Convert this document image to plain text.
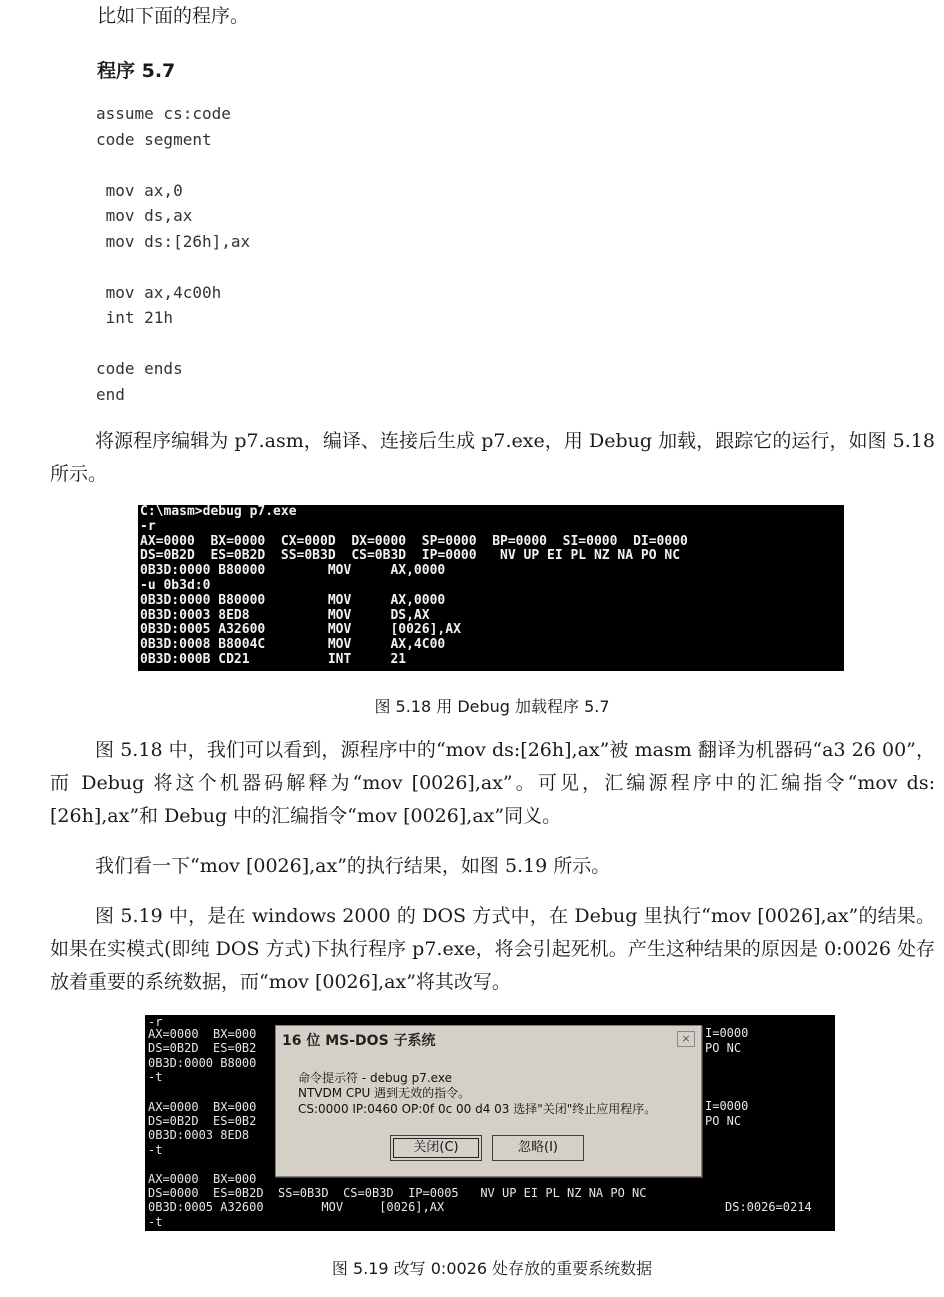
比如下面的程序。

程序 5.7
assume cs:code
code segment
mov ax,0
mov ds,ax
mov ds:[26h],ax
mov ax,4c00h
int 21h
code ends
end

将源程序编辑为 p7.asm，编译、连接后生成 p7.exe，用 Debug 加载，跟踪它的运行，如图 5.18 所示。

C:\masm>debug p7.exe
-r
AX=0000  BX=0000  CX=000D  DX=0000  SP=0000  BP=0000  SI=0000  DI=0000
DS=0B2D  ES=0B2D  SS=0B3D  CS=0B3D  IP=0000   NV UP EI PL NZ NA PO NC
0B3D:0000 B80000        MOV     AX,0000
-u 0b3d:0
0B3D:0000 B80000        MOV     AX,0000
0B3D:0003 8ED8          MOV     DS,AX
0B3D:0005 A32600        MOV     [0026],AX
0B3D:0008 B8004C        MOV     AX,4C00
0B3D:000B CD21          INT     21
图 5.18 用 Debug 加载程序 5.7

图 5.18 中，我们可以看到，源程序中的“mov ds:[26h],ax”被 masm 翻译为机器码“a3 26 00”，而 Debug 将这个机器码解释为“mov [0026],ax”。可见，汇编源程序中的汇编指令“mov ds:[26h],ax”和 Debug 中的汇编指令“mov [0026],ax”同义。

我们看一下“mov [0026],ax”的执行结果，如图 5.19 所示。

图 5.19 中，是在 windows 2000 的 DOS 方式中，在 Debug 里执行“mov [0026],ax”的结果。如果在实模式(即纯 DOS 方式)下执行程序 p7.exe，将会引起死机。产生这种结果的原因是 0:0026 处存放着重要的系统数据，而“mov [0026],ax”将其改写。

-r
AX=0000  BX=000
DS=0B2D  ES=0B2
0B3D:0000 B8000
-t
AX=0000  BX=000
DS=0B2D  ES=0B2
0B3D:0003 8ED8
-t
AX=0000  BX=000
DS=0000  ES=0B2D  SS=0B3D  CS=0B3D  IP=0005   NV UP EI PL NZ NA PO NC
0B3D:0005 A32600        MOV     [0026],AX
-t
I=0000
PO NC
I=0000
PO NC
DS:0026=0214
16 位 MS-DOS 子系统	×
命令提示符 - debug p7.exe
NTVDM CPU 遇到无效的指令。
CS:0000 IP:0460 OP:0f 0c 00 d4 03 选择"关闭"终止应用程序。
关闭(C)	忽略(I)
图 5.19 改写 0:0026 处存放的重要系统数据
